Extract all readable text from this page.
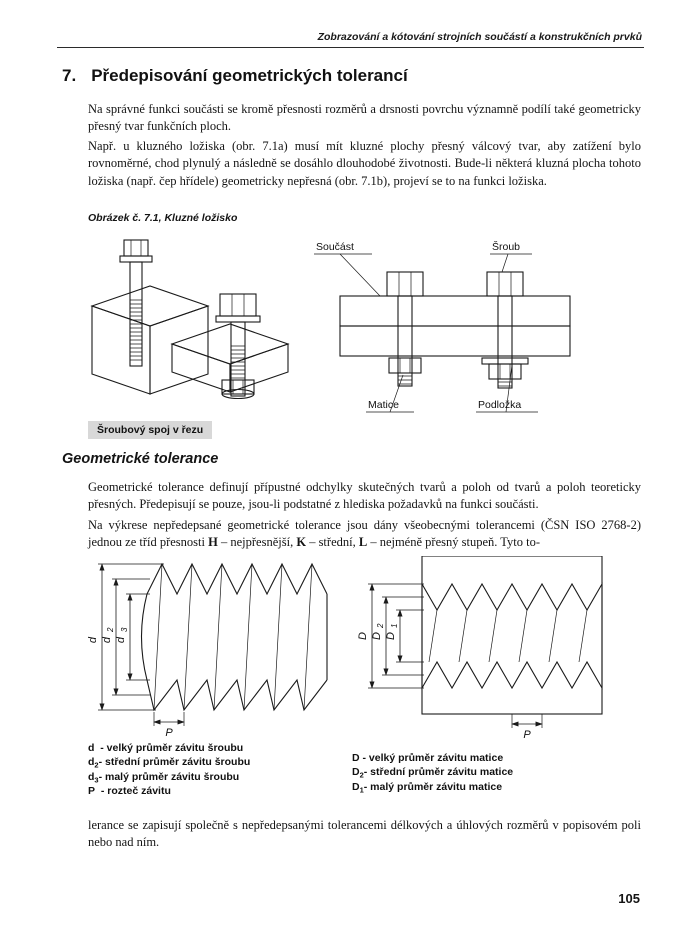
Zobrazování a kótování strojních součástí a konstrukčních prvků
7. Předepisování geometrických tolerancí

Na správné funkci součásti se kromě přesnosti rozměrů a drsnosti povrchu významně podílí také geometricky přesný tvar funkčních ploch.

Např. u kluzného ložiska (obr. 7.1a) musí mít kluzné plochy přesný válcový tvar, aby zatížení bylo rovnoměrné, chod plynulý a následně se dosáhlo dlouhodobé životnosti. Bude-li některá kluzná plocha tohoto ložiska (např. čep hřídele) geometricky nepřesná (obr. 7.1b), projeví se to na funkci ložiska.

Obrázek č. 7.1, Kluzné ložisko
Součást	Šroub
Matice	Podložka
Šroubový spoj v řezu
Geometrické tolerance

Geometrické tolerance definují přípustné odchylky skutečných tvarů a poloh od tvarů a poloh teoreticky přesných. Předepisují se pouze, jsou-li podstatné z hlediska požadavků na funkci součásti.

Na výkrese nepředepsané geometrické tolerance jsou dány všeobecnými tolerancemi (ČSN ISO 2768-2) jednou ze tříd přesnosti H – nejpřesnější, K – střední, L – nejméně přesný stupeň. Tyto to-

d d
2
d
3
P
D D
2
D
1
P
d  - velký průměr závitu šroubu
$d_2-$ střední průměr závitu šroubu
$d_3-$ malý průměr závitu šroubu
P  - rozteč závitu
D - velký průměr závitu matice
$D_2-$ střední průměr závitu matice
$D_1-$ malý průměr závitu matice

lerance se zapisují společně s nepředepsanými tolerancemi délkových a úhlových rozměrů v popisovém poli nebo nad ním.

105
